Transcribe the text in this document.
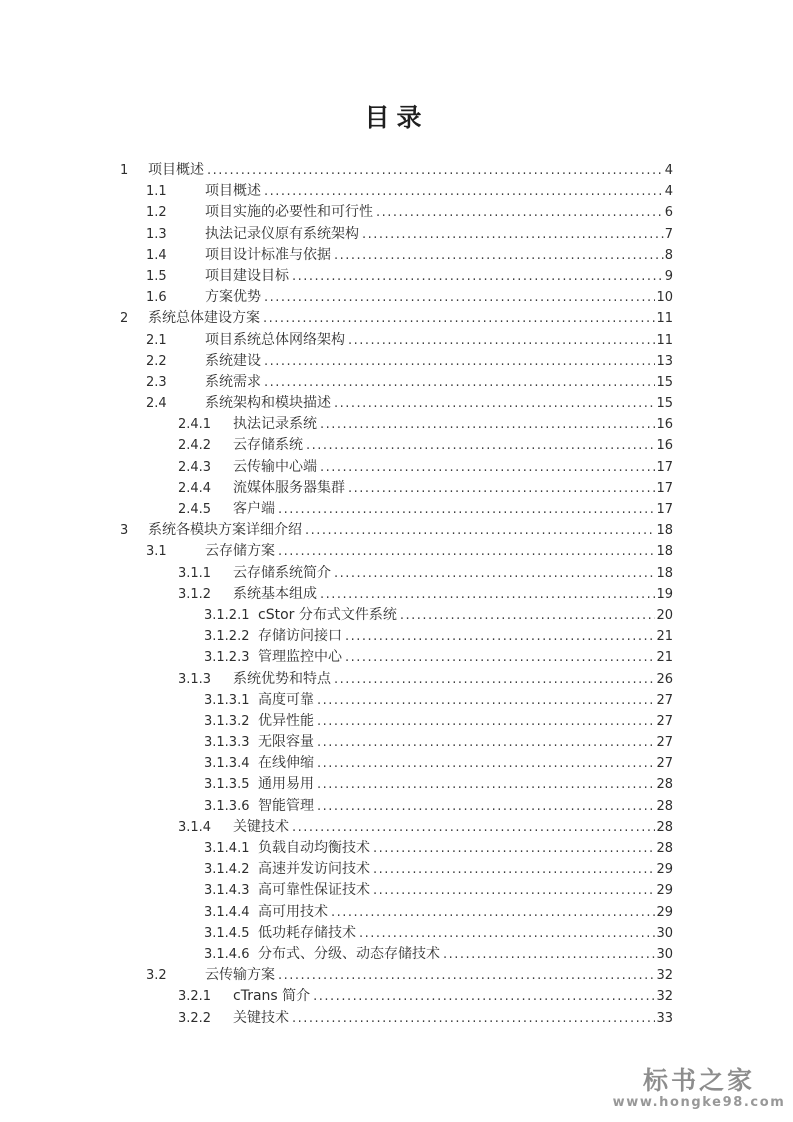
目录
1	项目概述 .....	4
1.1	项目概述 .....	4
1.2	项目实施的必要性和可行性 .....	6
1.3	执法记录仪原有系统架构 .....	7
1.4	项目设计标准与依据 .....	8
1.5	项目建设目标 .....	9
1.6	方案优势 .....	10
2	系统总体建设方案 .....	11
2.1	项目系统总体网络架构 .....	11
2.2	系统建设 .....	13
2.3	系统需求 .....	15
2.4	系统架构和模块描述 .....	15
2.4.1	执法记录系统 .....	16
2.4.2	云存储系统 .....	16
2.4.3	云传输中心端 .....	17
2.4.4	流媒体服务器集群 .....	17
2.4.5	客户端 .....	17
3	系统各模块方案详细介绍 .....	18
3.1	云存储方案 .....	18
3.1.1	云存储系统简介 .....	18
3.1.2	系统基本组成 .....	19
3.1.2.1 cStor 分布式文件系统 .....	20
3.1.2.2 存储访问接口 .....	21
3.1.2.3 管理监控中心 .....	21
3.1.3	系统优势和特点 .....	26
3.1.3.1 高度可靠 .....	27
3.1.3.2 优异性能 .....	27
3.1.3.3 无限容量 .....	27
3.1.3.4 在线伸缩 .....	27
3.1.3.5 通用易用 .....	28
3.1.3.6 智能管理 .....	28
3.1.4	关键技术 .....	28
3.1.4.1 负载自动均衡技术 .....	28
3.1.4.2 高速并发访问技术 .....	29
3.1.4.3 高可靠性保证技术 .....	29
3.1.4.4 高可用技术 .....	29
3.1.4.5 低功耗存储技术 .....	30
3.1.4.6 分布式、分级、动态存储技术 .....	30
3.2	云传输方案 .....	32
3.2.1	cTrans 简介 .....	32
3.2.2	关键技术 .....	33
标书之家
www.hongke98.com
